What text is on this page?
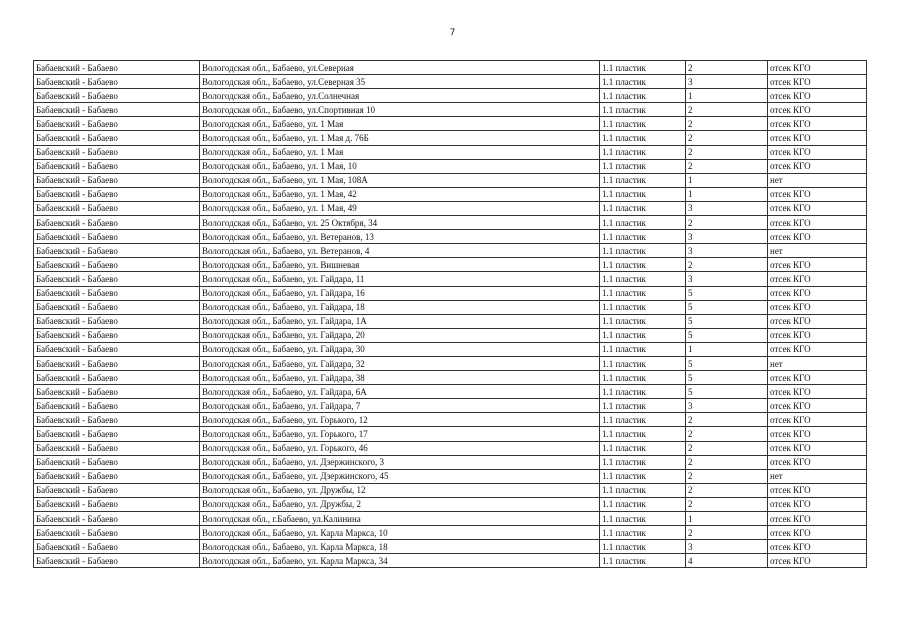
7
Бабаевский - Бабаево	Вологодская обл., Бабаево, ул.Северная	1.1 пластик	2	отсек КГО
Бабаевский - Бабаево	Вологодская обл., Бабаево, ул.Северная 35	1.1 пластик	3	отсек КГО
Бабаевский - Бабаево	Вологодская обл., Бабаево, ул.Солнечная	1.1 пластик	1	отсек КГО
Бабаевский - Бабаево	Вологодская обл., Бабаево, ул.Спортивная 10	1.1 пластик	2	отсек КГО
Бабаевский - Бабаево	Вологодская обл., Бабаево, ул. 1 Мая	1.1 пластик	2	отсек КГО
Бабаевский - Бабаево	Вологодская обл., Бабаево, ул. 1 Мая д. 76Б	1.1 пластик	2	отсек КГО
Бабаевский - Бабаево	Вологодская обл., Бабаево, ул. 1 Мая	1.1 пластик	2	отсек КГО
Бабаевский - Бабаево	Вологодская обл., Бабаево, ул. 1 Мая, 10	1.1 пластик	2	отсек КГО
Бабаевский - Бабаево	Вологодская обл., Бабаево, ул. 1 Мая, 108А	1.1 пластик	1	нет
Бабаевский - Бабаево	Вологодская обл., Бабаево, ул. 1 Мая, 42	1.1 пластик	1	отсек КГО
Бабаевский - Бабаево	Вологодская обл., Бабаево, ул. 1 Мая, 49	1.1 пластик	3	отсек КГО
Бабаевский - Бабаево	Вологодская обл., Бабаево, ул. 25 Октября, 34	1.1 пластик	2	отсек КГО
Бабаевский - Бабаево	Вологодская обл., Бабаево, ул. Ветеранов, 13	1.1 пластик	3	отсек КГО
Бабаевский - Бабаево	Вологодская обл., Бабаево, ул. Ветеранов, 4	1.1 пластик	3	нет
Бабаевский - Бабаево	Вологодская обл., Бабаево, ул. Вишневая	1.1 пластик	2	отсек КГО
Бабаевский - Бабаево	Вологодская обл., Бабаево, ул. Гайдара, 11	1.1 пластик	3	отсек КГО
Бабаевский - Бабаево	Вологодская обл., Бабаево, ул. Гайдара, 16	1.1 пластик	5	отсек КГО
Бабаевский - Бабаево	Вологодская обл., Бабаево, ул. Гайдара, 18	1.1 пластик	5	отсек КГО
Бабаевский - Бабаево	Вологодская обл., Бабаево, ул. Гайдара, 1А	1.1 пластик	5	отсек КГО
Бабаевский - Бабаево	Вологодская обл., Бабаево, ул. Гайдара, 20	1.1 пластик	5	отсек КГО
Бабаевский - Бабаево	Вологодская обл., Бабаево, ул. Гайдара, 30	1.1 пластик	1	отсек КГО
Бабаевский - Бабаево	Вологодская обл., Бабаево, ул. Гайдара, 32	1.1 пластик	5	нет
Бабаевский - Бабаево	Вологодская обл., Бабаево, ул. Гайдара, 38	1.1 пластик	5	отсек КГО
Бабаевский - Бабаево	Вологодская обл., Бабаево, ул. Гайдара, 6А	1.1 пластик	5	отсек КГО
Бабаевский - Бабаево	Вологодская обл., Бабаево, ул. Гайдара, 7	1.1 пластик	3	отсек КГО
Бабаевский - Бабаево	Вологодская обл., Бабаево, ул. Горького, 12	1.1 пластик	2	отсек КГО
Бабаевский - Бабаево	Вологодская обл., Бабаево, ул. Горького, 17	1.1 пластик	2	отсек КГО
Бабаевский - Бабаево	Вологодская обл., Бабаево, ул. Горького, 46	1.1 пластик	2	отсек КГО
Бабаевский - Бабаево	Вологодская обл., Бабаево, ул. Дзержинского, 3	1.1 пластик	2	отсек КГО
Бабаевский - Бабаево	Вологодская обл., Бабаево, ул. Дзержинского, 45	1.1 пластик	2	нет
Бабаевский - Бабаево	Вологодская обл., Бабаево, ул. Дружбы, 12	1.1 пластик	2	отсек КГО
Бабаевский - Бабаево	Вологодская обл., Бабаево, ул. Дружбы, 2	1.1 пластик	2	отсек КГО
Бабаевский - Бабаево	Вологодская обл., г.Бабаево, ул.Калинина	1.1 пластик	1	отсек КГО
Бабаевский - Бабаево	Вологодская обл., Бабаево, ул. Карла Маркса, 10	1.1 пластик	2	отсек КГО
Бабаевский - Бабаево	Вологодская обл., Бабаево, ул. Карла Маркса, 18	1.1 пластик	3	отсек КГО
Бабаевский - Бабаево	Вологодская обл., Бабаево, ул. Карла Маркса, 34	1.1 пластик	4	отсек КГО
